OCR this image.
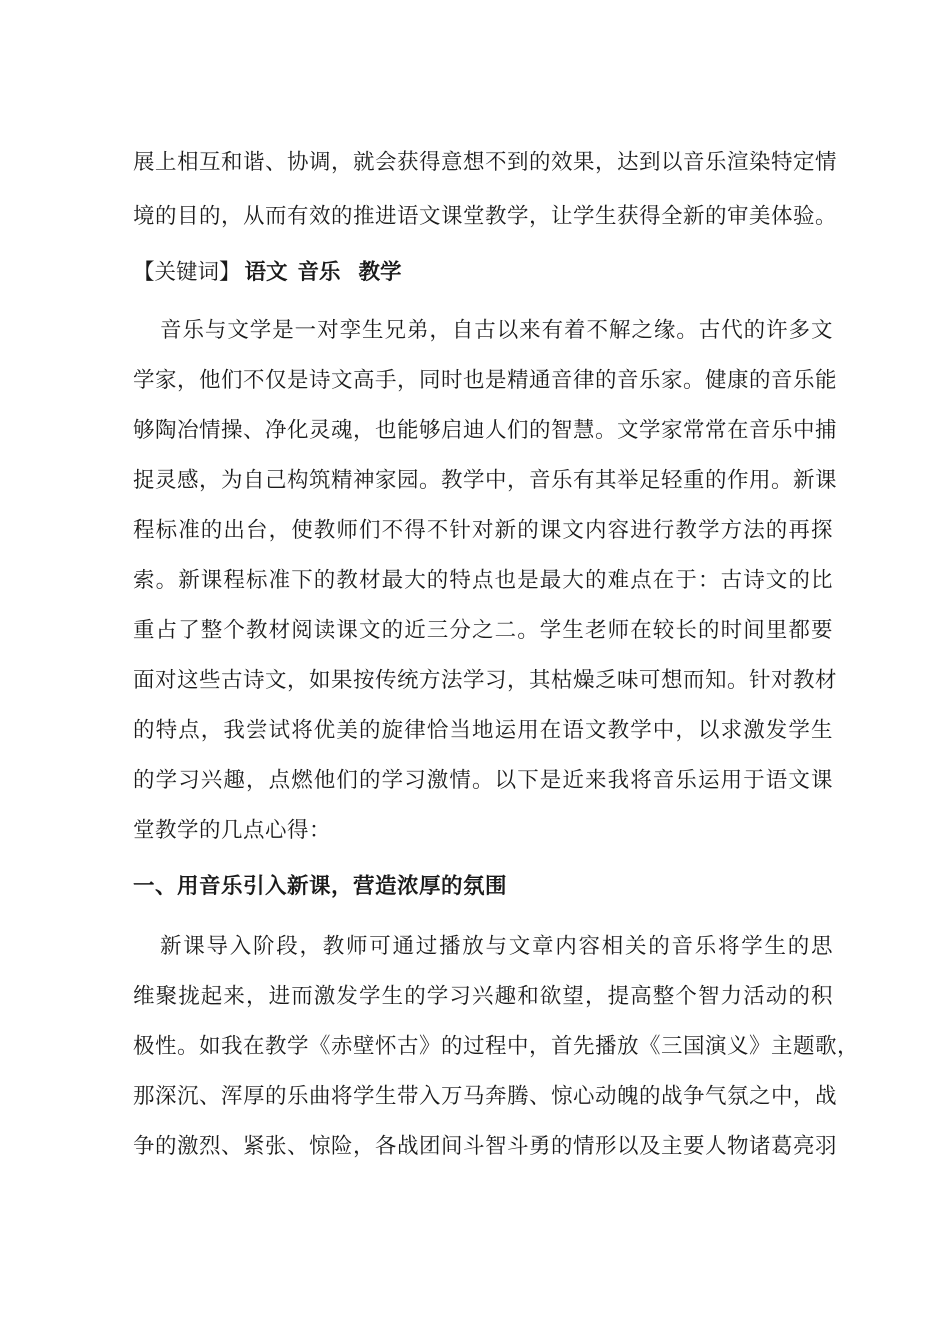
展上相互和谐、协调，就会获得意想不到的效果，达到以音乐渲染特定情
境的目的，从而有效的推进语文课堂教学，让学生获得全新的审美体验。
【关键词】 语文 音乐 教学
音乐与文学是一对孪生兄弟，自古以来有着不解之缘。古代的许多文
学家，他们不仅是诗文高手，同时也是精通音律的音乐家。健康的音乐能
够陶冶情操、净化灵魂，也能够启迪人们的智慧。文学家常常在音乐中捕
捉灵感，为自己构筑精神家园。教学中，音乐有其举足轻重的作用。新课
程标准的出台，使教师们不得不针对新的课文内容进行教学方法的再探
索。新课程标准下的教材最大的特点也是最大的难点在于：古诗文的比
重占了整个教材阅读课文的近三分之二。学生老师在较长的时间里都要
面对这些古诗文，如果按传统方法学习，其枯燥乏味可想而知。针对教材
的特点，我尝试将优美的旋律恰当地运用在语文教学中，以求激发学生
的学习兴趣，点燃他们的学习激情。以下是近来我将音乐运用于语文课
堂教学的几点心得：
一、用音乐引入新课，营造浓厚的氛围
新课导入阶段，教师可通过播放与文章内容相关的音乐将学生的思
维聚拢起来，进而激发学生的学习兴趣和欲望，提高整个智力活动的积
极性。如我在教学《赤壁怀古》的过程中，首先播放《三国演义》主题歌，
那深沉、浑厚的乐曲将学生带入万马奔腾、惊心动魄的战争气氛之中，战
争的激烈、紧张、惊险，各战团间斗智斗勇的情形以及主要人物诸葛亮羽
